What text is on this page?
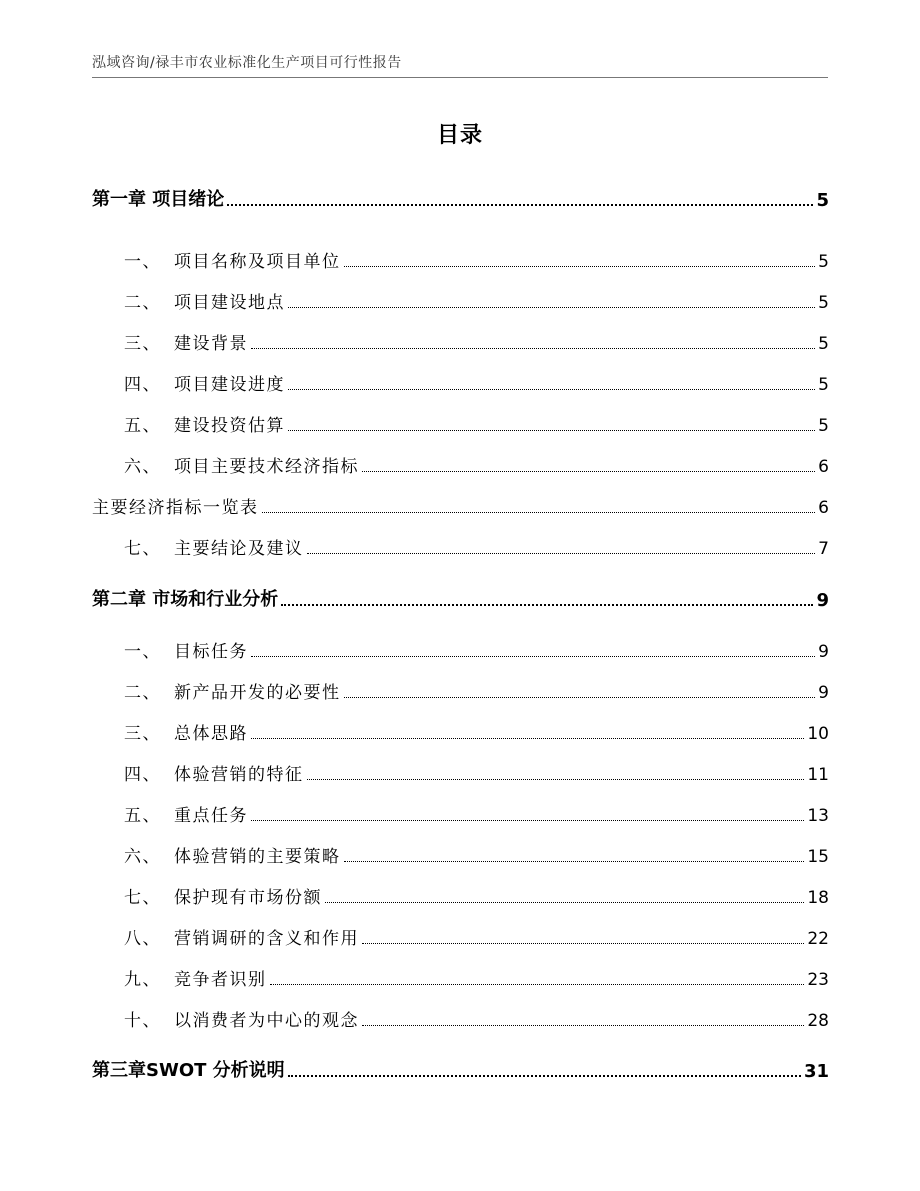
泓域咨询/禄丰市农业标准化生产项目可行性报告
目录
第一章 项目绪论	5
一、 项目名称及项目单位	5
二、 项目建设地点	5
三、 建设背景	5
四、 项目建设进度	5
五、 建设投资估算	5
六、 项目主要技术经济指标	6
主要经济指标一览表	6
七、 主要结论及建议	7
第二章 市场和行业分析	9
一、 目标任务	9
二、 新产品开发的必要性	9
三、 总体思路	10
四、 体验营销的特征	11
五、 重点任务	13
六、 体验营销的主要策略	15
七、 保护现有市场份额	18
八、 营销调研的含义和作用	22
九、 竞争者识别	23
十、 以消费者为中心的观念	28
第三章SWOT 分析说明	31
